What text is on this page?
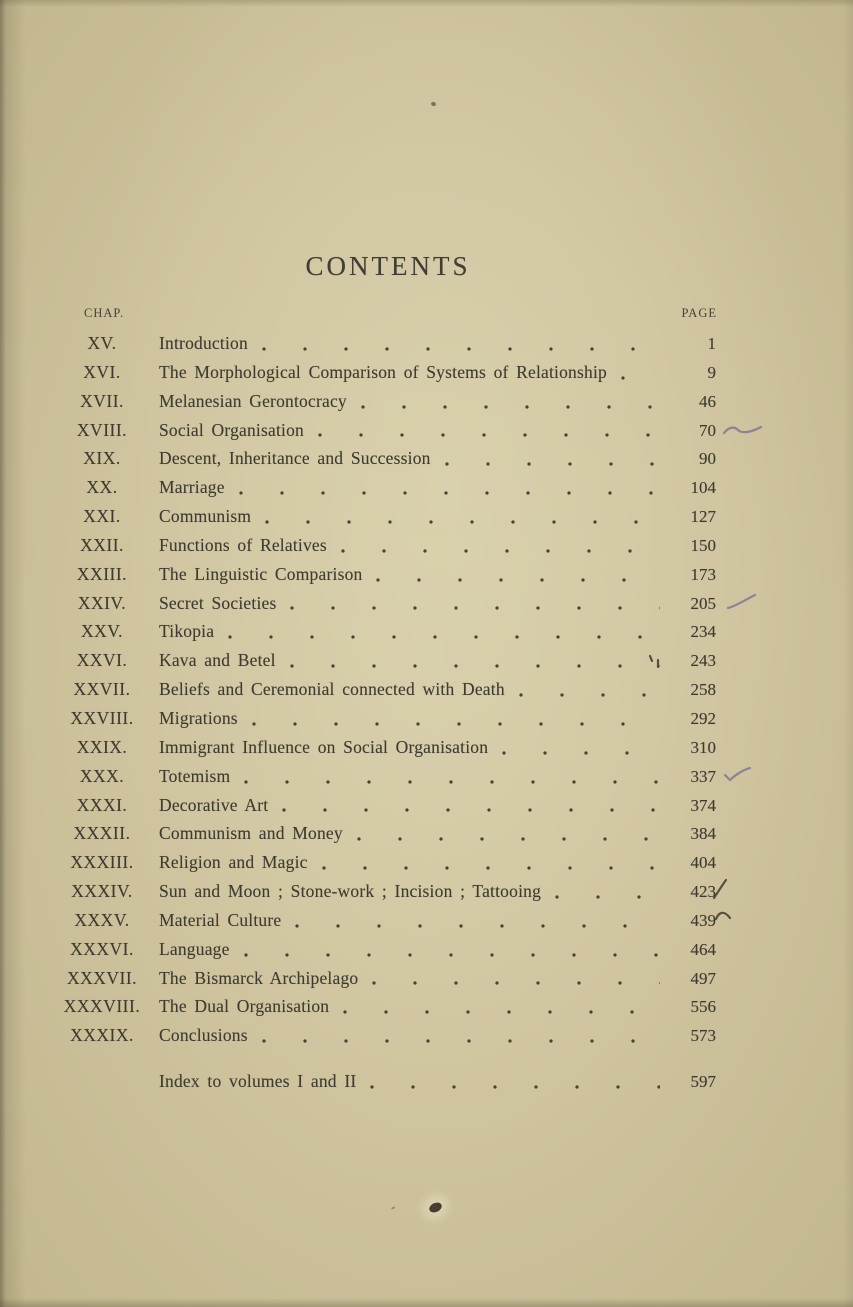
CONTENTS
CHAP.	PAGE
XV.	Introduction	1
XVI.	The Morphological Comparison of Systems of Relationship	9
XVII.	Melanesian Gerontocracy	46
XVIII.	Social Organisation	70
XIX.	Descent, Inheritance and Succession	90
XX.	Marriage	104
XXI.	Communism	127
XXII.	Functions of Relatives	150
XXIII.	The Linguistic Comparison	173
XXIV.	Secret Societies	205
XXV.	Tikopia	234
XXVI.	Kava and Betel	243
XXVII.	Beliefs and Ceremonial connected with Death	258
XXVIII.	Migrations	292
XXIX.	Immigrant Influence on Social Organisation	310
XXX.	Totemism	337
XXXI.	Decorative Art	374
XXXII.	Communism and Money	384
XXXIII.	Religion and Magic	404
XXXIV.	Sun and Moon ; Stone-work ; Incision ; Tattooing	423
XXXV.	Material Culture	439
XXXVI.	Language	464
XXXVII.	The Bismarck Archipelago	497
XXXVIII.	The Dual Organisation	556
XXXIX.	Conclusions	573
Index to volumes I and II	597
